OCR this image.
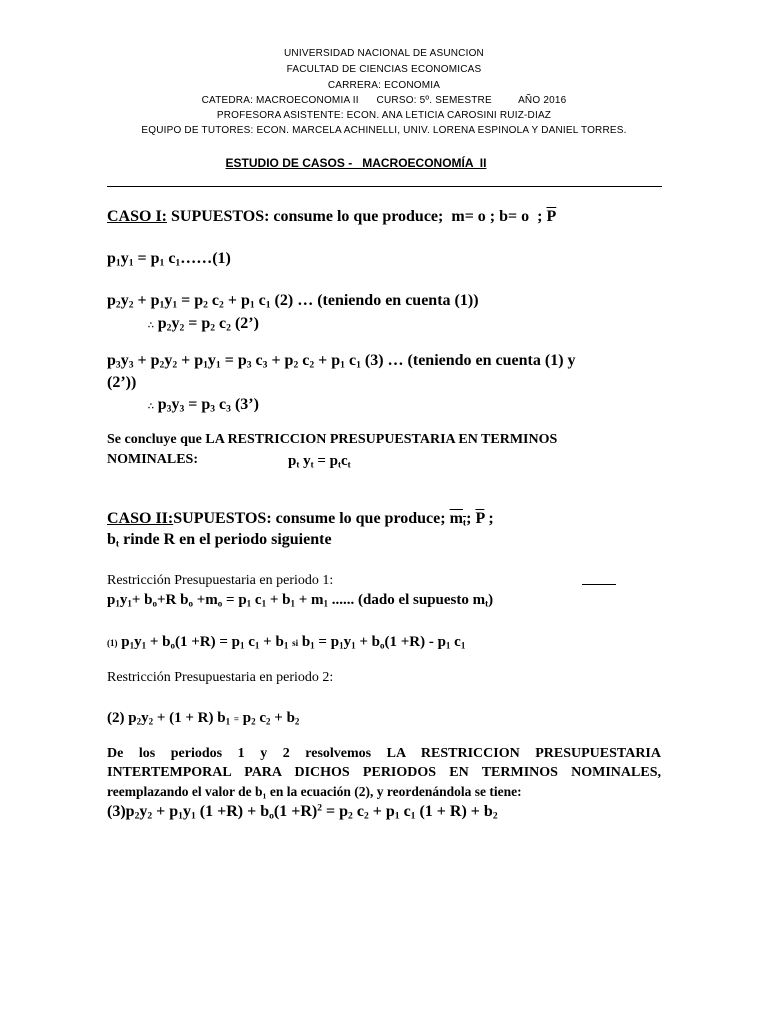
UNIVERSIDAD NACIONAL DE ASUNCION
FACULTAD DE CIENCIAS ECONOMICAS
CARRERA: ECONOMIA
CATEDRA: MACROECONOMIA II      CURSO: 5º. SEMESTRE         AÑO 2016
PROFESORA ASISTENTE: ECON. ANA LETICIA CAROSINI RUIZ-DIAZ
EQUIPO DE TUTORES: ECON. MARCELA ACHINELLI, UNIV. LORENA ESPINOLA Y DANIEL TORRES.
ESTUDIO DE CASOS -   MACROECONOMÍA  II
CASO I: SUPUESTOS: consume lo que produce;  m= o ; b= o  ; $\overline{P}$
$p_1y_1 = p_1$ $c_1\dots\dots(1)$
$p_2y_2 + p_1y_1 = p_2$ $c_2 + p_1$ $c_1$ (2) … (teniendo en cuenta (1))
∴ $p_2y_2 = p_2$ $c_2$ (2’)
$p_3y_3 + p_2y_2 + p_1y_1 = p_3$ $c_3 + p_2$ $c_2 + p_1$ $c_1$ (3) … (teniendo en cuenta (1) y
(2’))
∴ $p_3y_3 = p_3$ $c_3$ (3’)
Se concluye que LA RESTRICCION PRESUPUESTARIA EN TERMINOS
NOMINALES:	$p_t$ $y_t = p_tc_t$
CASO II:SUPUESTOS: consume lo que produce; $m_t$; $\overline{P}$ ;
$b_t$ rinde R en el periodo siguiente
Restricción Presupuestaria en periodo 1:
$p_1y_1+ b_o+R$ $b_o +m_o = p_1$ $c_1 + b_1 + m_1$ ...... (dado el supuesto $m_t$)
(1) $p_1y_1 + b_o(1 +R) = p_1$ $c_1 + b_1$ si $b_1 = p_1y_1 + b_o(1 +R) - p_1$ $c_1$
Restricción Presupuestaria en periodo 2:
(2) $p_2y_2 + (1 + R) b_1 = p_2$ $c_2 + b_2$
De los periodos 1 y 2 resolvemos LA RESTRICCION PRESUPUESTARIA
INTERTEMPORAL PARA DICHOS PERIODOS EN TERMINOS NOMINALES,
reemplazando el valor de b₁ en la ecuación (2), y reordenándola se tiene:
$(3)p_2y_2 + p_1y_1$ $(1 +R) + b_o(1 +R)^2 = p_2$ $c_2 + p_1$ $c_1$ $(1 + R) + b_2$
